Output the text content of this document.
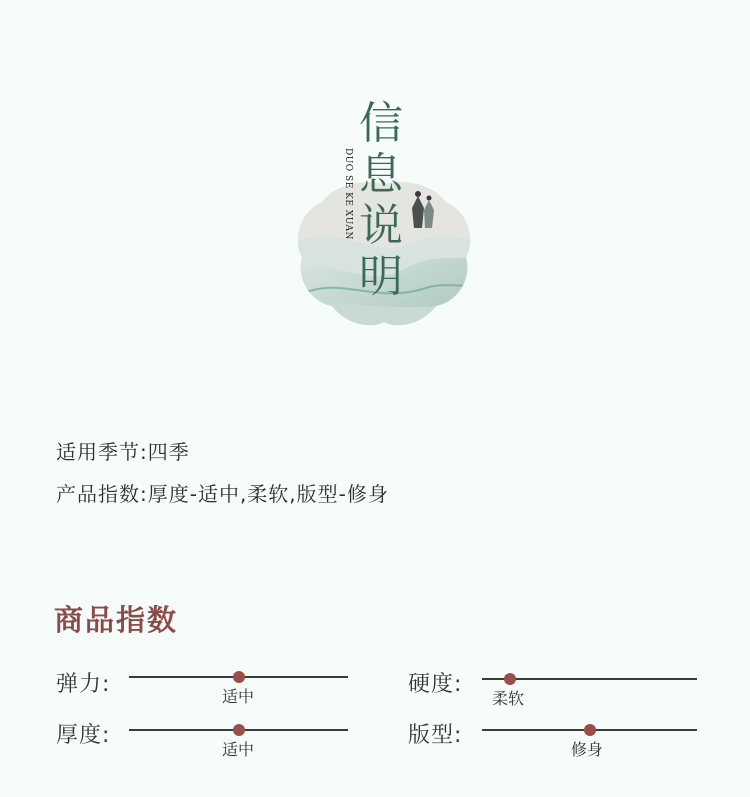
信
息
说
明
DUO SE KE XUAN
适用季节:四季
产品指数:厚度-适中,柔软,版型-修身
商品指数
弹力:	适中	硬度:
柔软
厚度:
适中
版型:
修身
